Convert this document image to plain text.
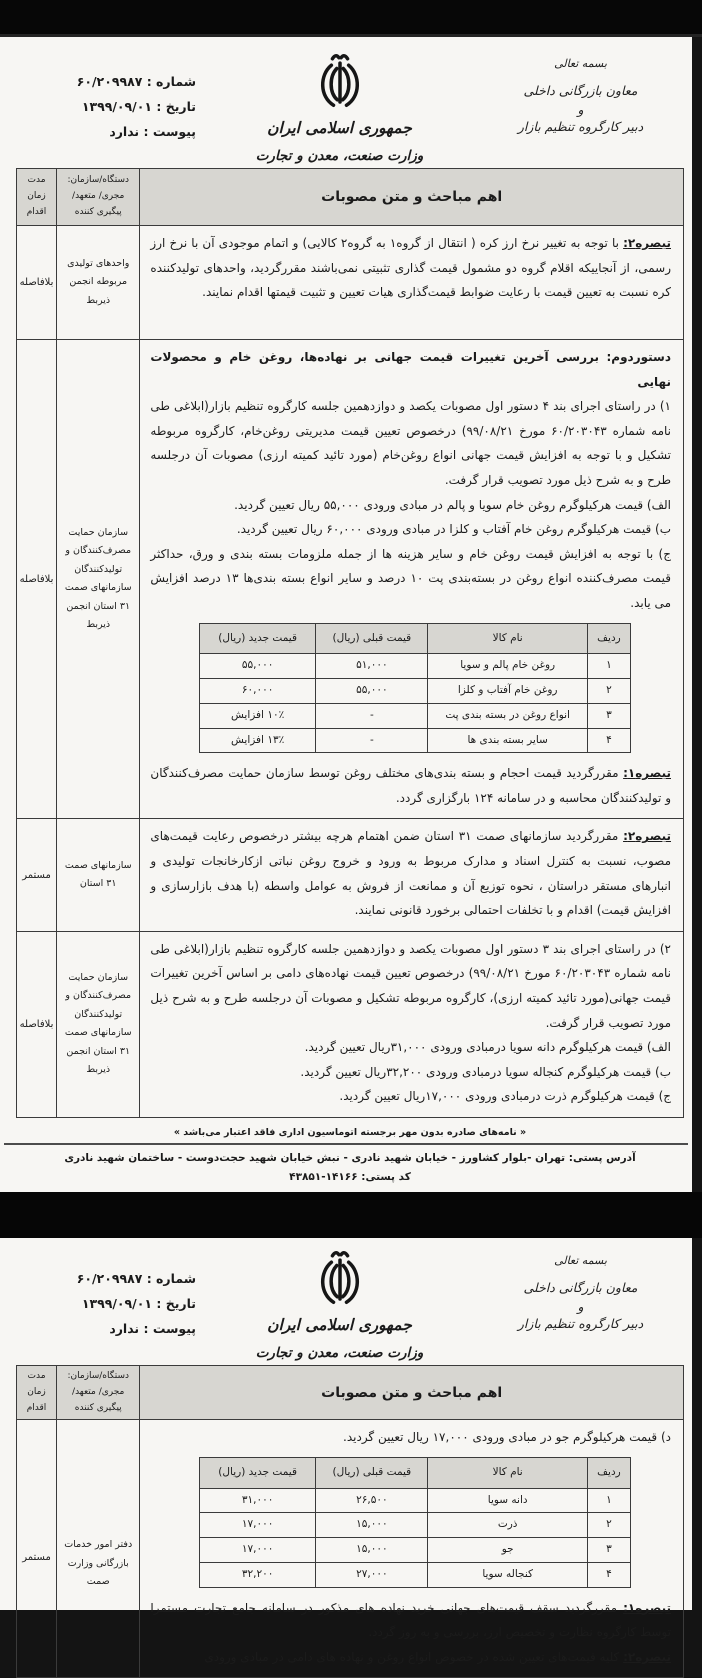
بسمه تعالی
معاون بازرگانی داخلی
و
دبیر کارگروه تنظیم بازار
جمهوری اسلامی ایران
وزارت صنعت، معدن و تجارت
شماره : ۶۰/۲۰۹۹۸۷
تاریخ : ۱۳۹۹/۰۹/۰۱
پیوست : ندارد
اهم مباحث و متن مصوبات	دستگاه/سازمان: مجری/ متعهد/ پیگیری کننده	مدت زمان اقدام

تبصره۲: با توجه به تغییر نرخ ارز کره ( انتقال از گروه۱ به گروه۲ کالایی) و اتمام موجودی آن با نرخ ارز رسمی، از آنجاییکه اقلام گروه دو مشمول قیمت گذاری تثبیتی نمی‌باشند مقررگردید، واحدهای تولیدکننده کره نسبت به تعیین قیمت با رعایت ضوابط قیمت‌گذاری هیات تعیین و تثبیت قیمتها اقدام نمایند.

	واحدهای تولیدی مربوطه انجمن ذیربط	بلافاصله

دستوردوم: بررسی آخرین تغییرات قیمت جهانی بر نهاده‌ها، روغن خام و محصولات نهایی

۱) در راستای اجرای بند ۴ دستور اول مصوبات یکصد و دوازدهمین جلسه کارگروه تنظیم بازار(ابلاغی طی نامه شماره ۶۰/۲۰۳۰۴۳ مورخ ۹۹/۰۸/۲۱) درخصوص تعیین قیمت مدیریتی روغن‌خام، کارگروه مربوطه تشکیل و با توجه به افزایش قیمت جهانی انواع روغن‌خام (مورد تائید کمیته ارزی) مصوبات آن درجلسه طرح و به شرح ذیل مورد تصویب قرار گرفت.

الف) قیمت هرکیلوگرم روغن خام سویا و پالم در مبادی ورودی ۵۵,۰۰۰ ریال تعیین گردید.

ب) قیمت هرکیلوگرم روغن خام آفتاب و کلزا در مبادی ورودی ۶۰,۰۰۰ ریال تعیین گردید.

ج) با توجه به افزایش قیمت روغن خام و سایر هزینه ها از جمله ملزومات بسته بندی و ورق، حداکثر قیمت مصرف‌کننده انواع روغن در بسته‌بندی پت ۱۰ درصد و سایر انواع بسته بندی‌ها ۱۳ درصد افزایش می یابد.

ردیف	نام کالا	قیمت قبلی (ریال)	قیمت جدید (ریال)
۱	روغن خام پالم و سویا	۵۱,۰۰۰	۵۵,۰۰۰
۲	روغن خام آفتاب و کلزا	۵۵,۰۰۰	۶۰,۰۰۰
۳	انواع روغن در بسته بندی پت	-	۱۰٪ افزایش
۴	سایر بسته بندی ها	-	۱۳٪ افزایش

تبصره۱: مقررگردید قیمت احجام و بسته بندی‌های مختلف روغن توسط سازمان حمایت مصرف‌کنندگان و تولیدکنندگان محاسبه و در سامانه ۱۲۴ بارگزاری گردد.

	سازمان حمایت مصرف‌کنندگان و تولیدکنندگان سازمانهای صمت ۳۱ استان انجمن ذیربط	بلافاصله

تبصره۲: مقررگردید سازمانهای صمت ۳۱ استان ضمن اهتمام هرچه بیشتر درخصوص رعایت قیمت‌های مصوب، نسبت به کنترل اسناد و مدارک مربوط به ورود و خروج روغن نباتی ازکارخانجات تولیدی و انبارهای مستقر دراستان ، نحوه توزیع آن و ممانعت از فروش به عوامل واسطه (با هدف بازارسازی و افزایش قیمت) اقدام و با تخلفات احتمالی برخورد قانونی نمایند.

	سازمانهای صمت ۳۱ استان	مستمر

۲) در راستای اجرای بند ۳ دستور اول مصوبات یکصد و دوازدهمین جلسه کارگروه تنظیم بازار(ابلاغی طی نامه شماره ۶۰/۲۰۳۰۴۳ مورخ ۹۹/۰۸/۲۱) درخصوص تعیین قیمت نهاده‌های دامی بر اساس آخرین تغییرات قیمت جهانی(مورد تائید کمیته ارزی)، کارگروه مربوطه تشکیل و مصوبات آن درجلسه طرح و به شرح ذیل مورد تصویب قرار گرفت.

الف) قیمت هرکیلوگرم دانه سویا درمبادی ورودی ۳۱,۰۰۰ریال تعیین گردید.

ب) قیمت هرکیلوگرم کنجاله سویا درمبادی ورودی ۳۲,۲۰۰ریال تعیین گردید.

ج) قیمت هرکیلوگرم ذرت درمبادی ورودی ۱۷,۰۰۰ریال تعیین گردید.

	سازمان حمایت مصرف‌کنندگان و تولیدکنندگان سازمانهای صمت ۳۱ استان انجمن ذیربط	بلافاصله
« نامه‌های صادره بدون مهر برجسته اتوماسیون اداری فاقد اعتبار می‌باشد »
آدرس پستی: تهران -بلوار کشاورز - خیابان شهید نادری - نبش خیابان شهید حجت‌دوست - ساختمان شهید نادری
کد پستی: ۱۴۱۶۶-۴۳۸۵۱
بسمه تعالی
معاون بازرگانی داخلی
و
دبیر کارگروه تنظیم بازار
جمهوری اسلامی ایران
وزارت صنعت، معدن و تجارت
شماره : ۶۰/۲۰۹۹۸۷
تاریخ : ۱۳۹۹/۰۹/۰۱
پیوست : ندارد
اهم مباحث و متن مصوبات	دستگاه/سازمان: مجری/ متعهد/ پیگیری کننده	مدت زمان اقدام

د) قیمت هرکیلوگرم جو در مبادی ورودی ۱۷,۰۰۰ ریال تعیین گردید.

ردیف	نام کالا	قیمت قبلی (ریال)	قیمت جدید (ریال)
۱	دانه سویا	۲۶,۵۰۰	۳۱,۰۰۰
۲	ذرت	۱۵,۰۰۰	۱۷,۰۰۰
۳	جو	۱۵,۰۰۰	۱۷,۰۰۰
۴	کنجاله سویا	۲۷,۰۰۰	۳۲,۲۰۰

تبصره۱: مقررگردید سقف قیمت‌های جهانی خرید نهاده های مذکور در سامانه جامع تجارت مستمرا توسط کارگروه نظارت و تخصیص ارز، بررسی و به روز گردد.

تبصره۲: کلیه قیمت‌های تعیین شده در خصوص انواع روغن و نهاده های دامی در مبادی ورودی

	دفتر امور خدمات بازرگانی وزارت صمت	مستمر
